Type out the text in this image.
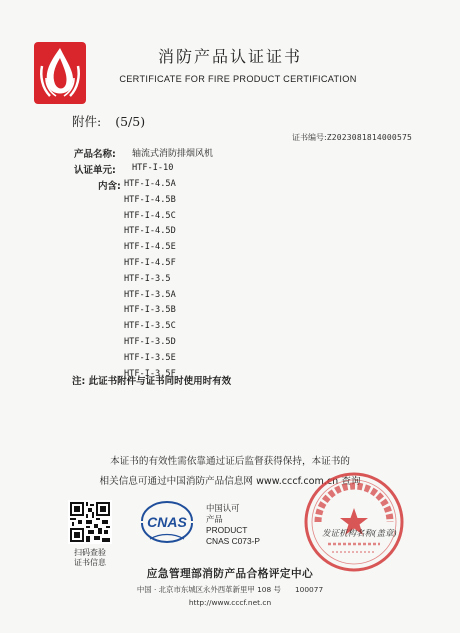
消防产品认证证书
CERTIFICATE FOR FIRE PRODUCT CERTIFICATION
附件: (5/5)
证书编号:Z2023081814000575
产品名称: 轴流式消防排烟风机
认证单元: HTF-I-10
内含: HTF-I-4.5A
HTF-I-4.5B
HTF-I-4.5C
HTF-I-4.5D
HTF-I-4.5E
HTF-I-4.5F
HTF-I-3.5
HTF-I-3.5A
HTF-I-3.5B
HTF-I-3.5C
HTF-I-3.5D
HTF-I-3.5E
HTF-I-3.5F
注: 此证书附件与证书同时使用时有效
本证书的有效性需依靠通过证后监督获得保持，本证书的
相关信息可通过中国消防产品信息网 www.cccf.com.cn 查询
扫码查验
证书信息
CNAS
中国认可
产品
PRODUCT
CNAS C073-P
发证机构名称(盖章)
应急管理部消防产品合格评定中心
中国 · 北京市东城区永外西革新里甲 108 号 100077
http://www.cccf.net.cn
